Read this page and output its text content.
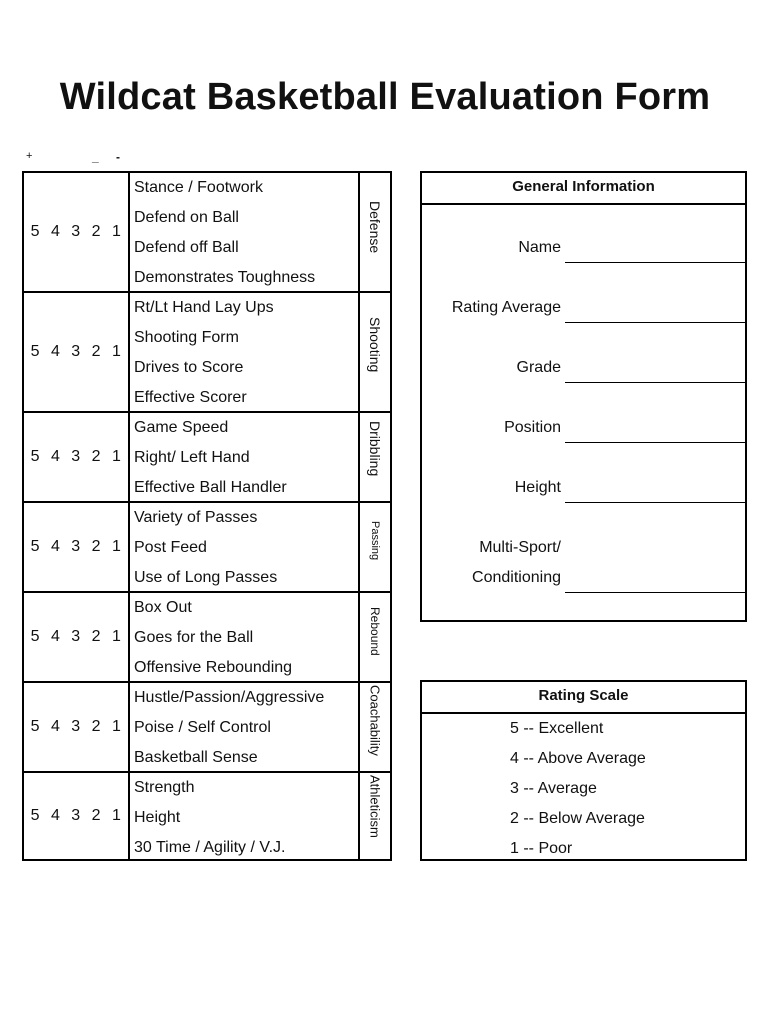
Wildcat Basketball Evaluation Form
+	_ -
5 4 3 2 1
Stance / Footwork
Defend on Ball
Defend off Ball
Demonstrates Toughness
Defense
5 4 3 2 1
Rt/Lt Hand Lay Ups
Shooting Form
Drives to Score
Effective Scorer
Shooting
5 4 3 2 1
Game Speed
Right/ Left Hand
Effective Ball Handler
Dribbling
5 4 3 2 1
Variety of Passes
Post Feed
Use of Long Passes
Passing
5 4 3 2 1
Box Out
Goes for the Ball
Offensive Rebounding
Rebound
5 4 3 2 1
Hustle/Passion/Aggressive
Poise / Self Control
Basketball Sense
Coachability
5 4 3 2 1
Strength
Height
30 Time / Agility / V.J.
Athleticism
General Information
Name
Rating Average
Grade
Position
Height
Multi-Sport/
Conditioning
Rating Scale
5 -- Excellent
4 -- Above Average
3 -- Average
2 -- Below Average
1 -- Poor
